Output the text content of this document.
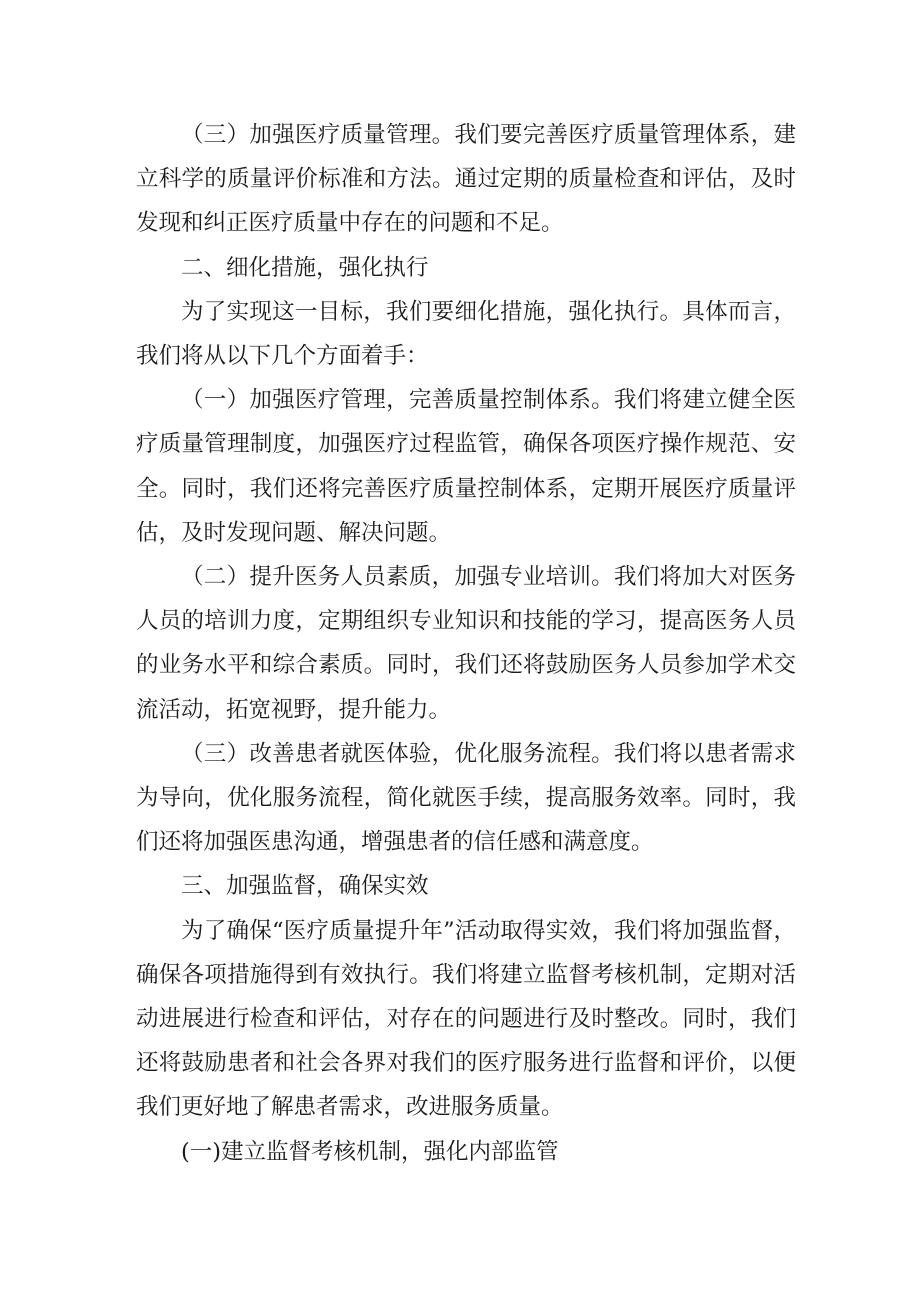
（三）加强医疗质量管理。我们要完善医疗质量管理体系，建立科学的质量评价标准和方法。通过定期的质量检查和评估，及时发现和纠正医疗质量中存在的问题和不足。

二、细化措施，强化执行

为了实现这一目标，我们要细化措施，强化执行。具体而言，我们将从以下几个方面着手：

（一）加强医疗管理，完善质量控制体系。我们将建立健全医疗质量管理制度，加强医疗过程监管，确保各项医疗操作规范、安全。同时，我们还将完善医疗质量控制体系，定期开展医疗质量评估，及时发现问题、解决问题。

（二）提升医务人员素质，加强专业培训。我们将加大对医务人员的培训力度，定期组织专业知识和技能的学习，提高医务人员的业务水平和综合素质。同时，我们还将鼓励医务人员参加学术交流活动，拓宽视野，提升能力。

（三）改善患者就医体验，优化服务流程。我们将以患者需求为导向，优化服务流程，简化就医手续，提高服务效率。同时，我们还将加强医患沟通，增强患者的信任感和满意度。

三、加强监督，确保实效

为了确保“医疗质量提升年”活动取得实效，我们将加强监督，确保各项措施得到有效执行。我们将建立监督考核机制，定期对活动进展进行检查和评估，对存在的问题进行及时整改。同时，我们还将鼓励患者和社会各界对我们的医疗服务进行监督和评价，以便我们更好地了解患者需求，改进服务质量。

(一)建立监督考核机制，强化内部监管
